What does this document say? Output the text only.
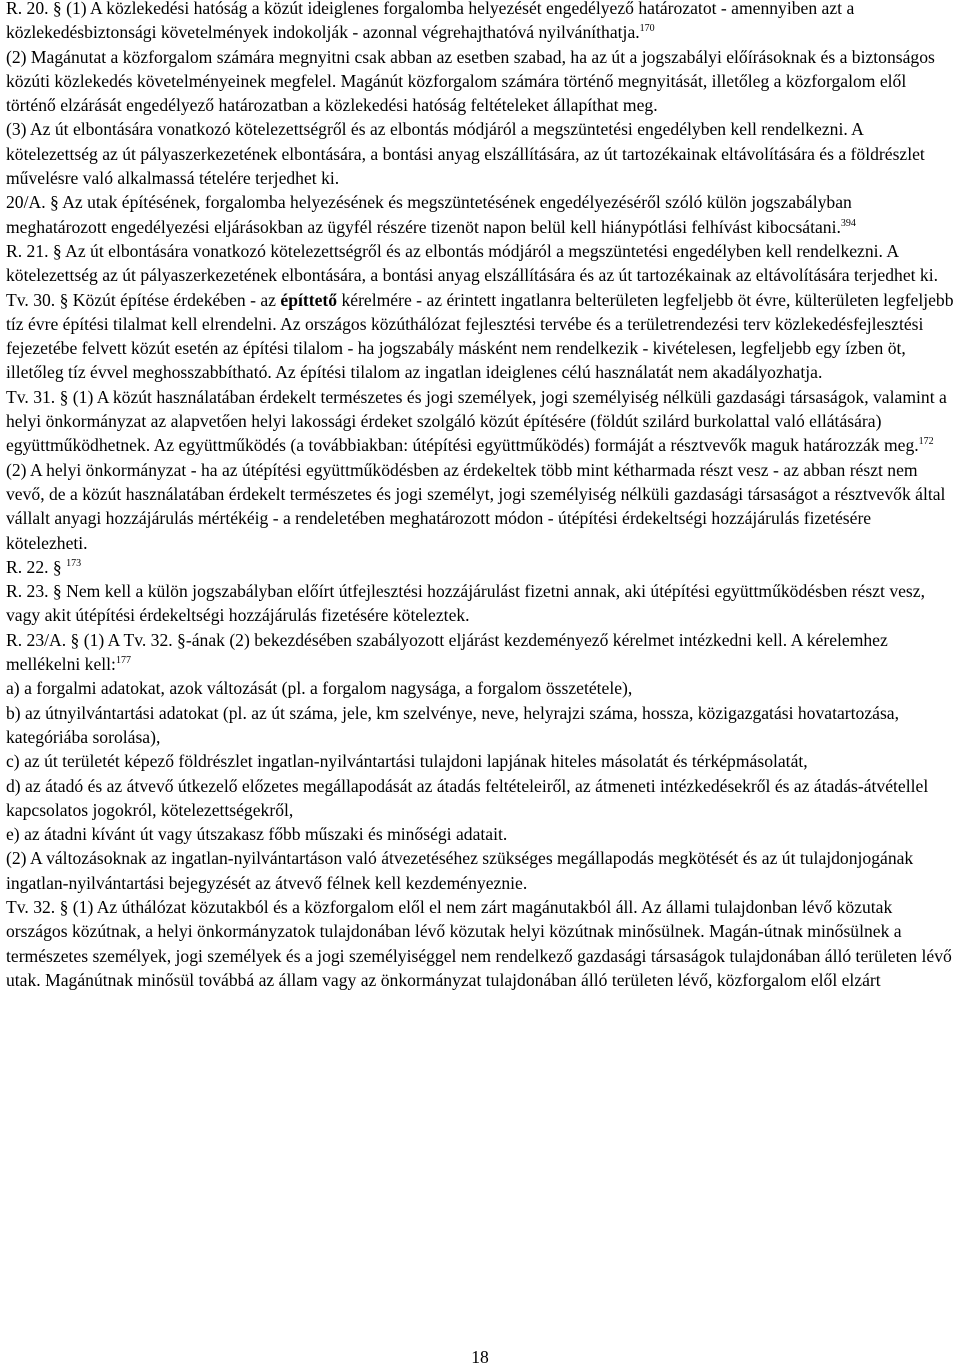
R. 20. § (1) A közlekedési hatóság a közút ideiglenes forgalomba helyezését engedélyező határozatot - amennyiben azt a közlekedésbiztonsági követelmények indokolják - azonnal végrehajthatóvá nyilváníthatja.$^{170}$

(2) Magánutat a közforgalom számára megnyitni csak abban az esetben szabad, ha az út a jogszabályi előírásoknak és a biztonságos közúti közlekedés követelményeinek megfelel. Magánút közforgalom számára történő megnyitását, illetőleg a közforgalom elől történő elzárását engedélyező határozatban a közlekedési hatóság feltételeket állapíthat meg.

(3) Az út elbontására vonatkozó kötelezettségről és az elbontás módjáról a megszüntetési engedélyben kell rendelkezni. A kötelezettség az út pályaszerkezetének elbontására, a bontási anyag elszállítására, az út tartozékainak eltávolítására és a földrészlet művelésre való alkalmassá tételére terjedhet ki.

20/A. § Az utak építésének, forgalomba helyezésének és megszüntetésének engedélyezéséről szóló külön jogszabályban meghatározott engedélyezési eljárásokban az ügyfél részére tizenöt napon belül kell hiánypótlási felhívást kibocsátani.$^{394}$

R. 21. § Az út elbontására vonatkozó kötelezettségről és az elbontás módjáról a megszüntetési engedélyben kell rendelkezni. A kötelezettség az út pályaszerkezetének elbontására, a bontási anyag elszállítására és az út tartozékainak az eltávolítására terjedhet ki.

Tv. 30. § Közút építése érdekében - az építtető kérelmére - az érintett ingatlanra belterületen legfeljebb öt évre, külterületen legfeljebb tíz évre építési tilalmat kell elrendelni. Az országos közúthálózat fejlesztési tervébe és a területrendezési terv közlekedésfejlesztési fejezetébe felvett közút esetén az építési tilalom - ha jogszabály másként nem rendelkezik - kivételesen, legfeljebb egy ízben öt, illetőleg tíz évvel meghosszabbítható. Az építési tilalom az ingatlan ideiglenes célú használatát nem akadályozhatja.

Tv. 31. § (1) A közút használatában érdekelt természetes és jogi személyek, jogi személyiség nélküli gazdasági társaságok, valamint a helyi önkormányzat az alapvetően helyi lakossági érdeket szolgáló közút építésére (földút szilárd burkolattal való ellátására) együttműködhetnek. Az együttműködés (a továbbiakban: útépítési együttműködés) formáját a résztvevők maguk határozzák meg.$^{172}$

(2) A helyi önkormányzat - ha az útépítési együttműködésben az érdekeltek több mint kétharmada részt vesz - az abban részt nem vevő, de a közút használatában érdekelt természetes és jogi személyt, jogi személyiség nélküli gazdasági társaságot a résztvevők által vállalt anyagi hozzájárulás mértékéig - a rendeletében meghatározott módon - útépítési érdekeltségi hozzájárulás fizetésére kötelezheti.

R. 22. § $^{173}$

R. 23. § Nem kell a külön jogszabályban előírt útfejlesztési hozzájárulást fizetni annak, aki útépítési együttműködésben részt vesz, vagy akit útépítési érdekeltségi hozzájárulás fizetésére köteleztek.

R. 23/A. § (1) A Tv. 32. §-ának (2) bekezdésében szabályozott eljárást kezdeményező kérelmet intézkedni kell. A kérelemhez mellékelni kell:$^{177}$

a) a forgalmi adatokat, azok változását (pl. a forgalom nagysága, a forgalom összetétele),

b) az útnyilvántartási adatokat (pl. az út száma, jele, km szelvénye, neve, helyrajzi száma, hossza, közigazgatási hovatartozása, kategóriába sorolása),

c) az út területét képező földrészlet ingatlan-nyilvántartási tulajdoni lapjának hiteles másolatát és térképmásolatát,

d) az átadó és az átvevő útkezelő előzetes megállapodását az átadás feltételeiről, az átmeneti intézkedésekről és az átadás-átvétellel kapcsolatos jogokról, kötelezettségekről,

e) az átadni kívánt út vagy útszakasz főbb műszaki és minőségi adatait.

(2) A változásoknak az ingatlan-nyilvántartáson való átvezetéséhez szükséges megállapodás megkötését és az út tulajdonjogának ingatlan-nyilvántartási bejegyzését az átvevő félnek kell kezdeményeznie.

Tv. 32. § (1) Az úthálózat közutakból és a közforgalom elől el nem zárt magánutakból áll. Az állami tulajdonban lévő közutak országos közútnak, a helyi önkormányzatok tulajdonában lévő közutak helyi közútnak minősülnek. Magán-útnak minősülnek a természetes személyek, jogi személyek és a jogi személyiséggel nem rendelkező gazdasági társaságok tulajdonában álló területen lévő utak. Magánútnak minősül továbbá az állam vagy az önkormányzat tulajdonában álló területen lévő, közforgalom elől elzárt

18
